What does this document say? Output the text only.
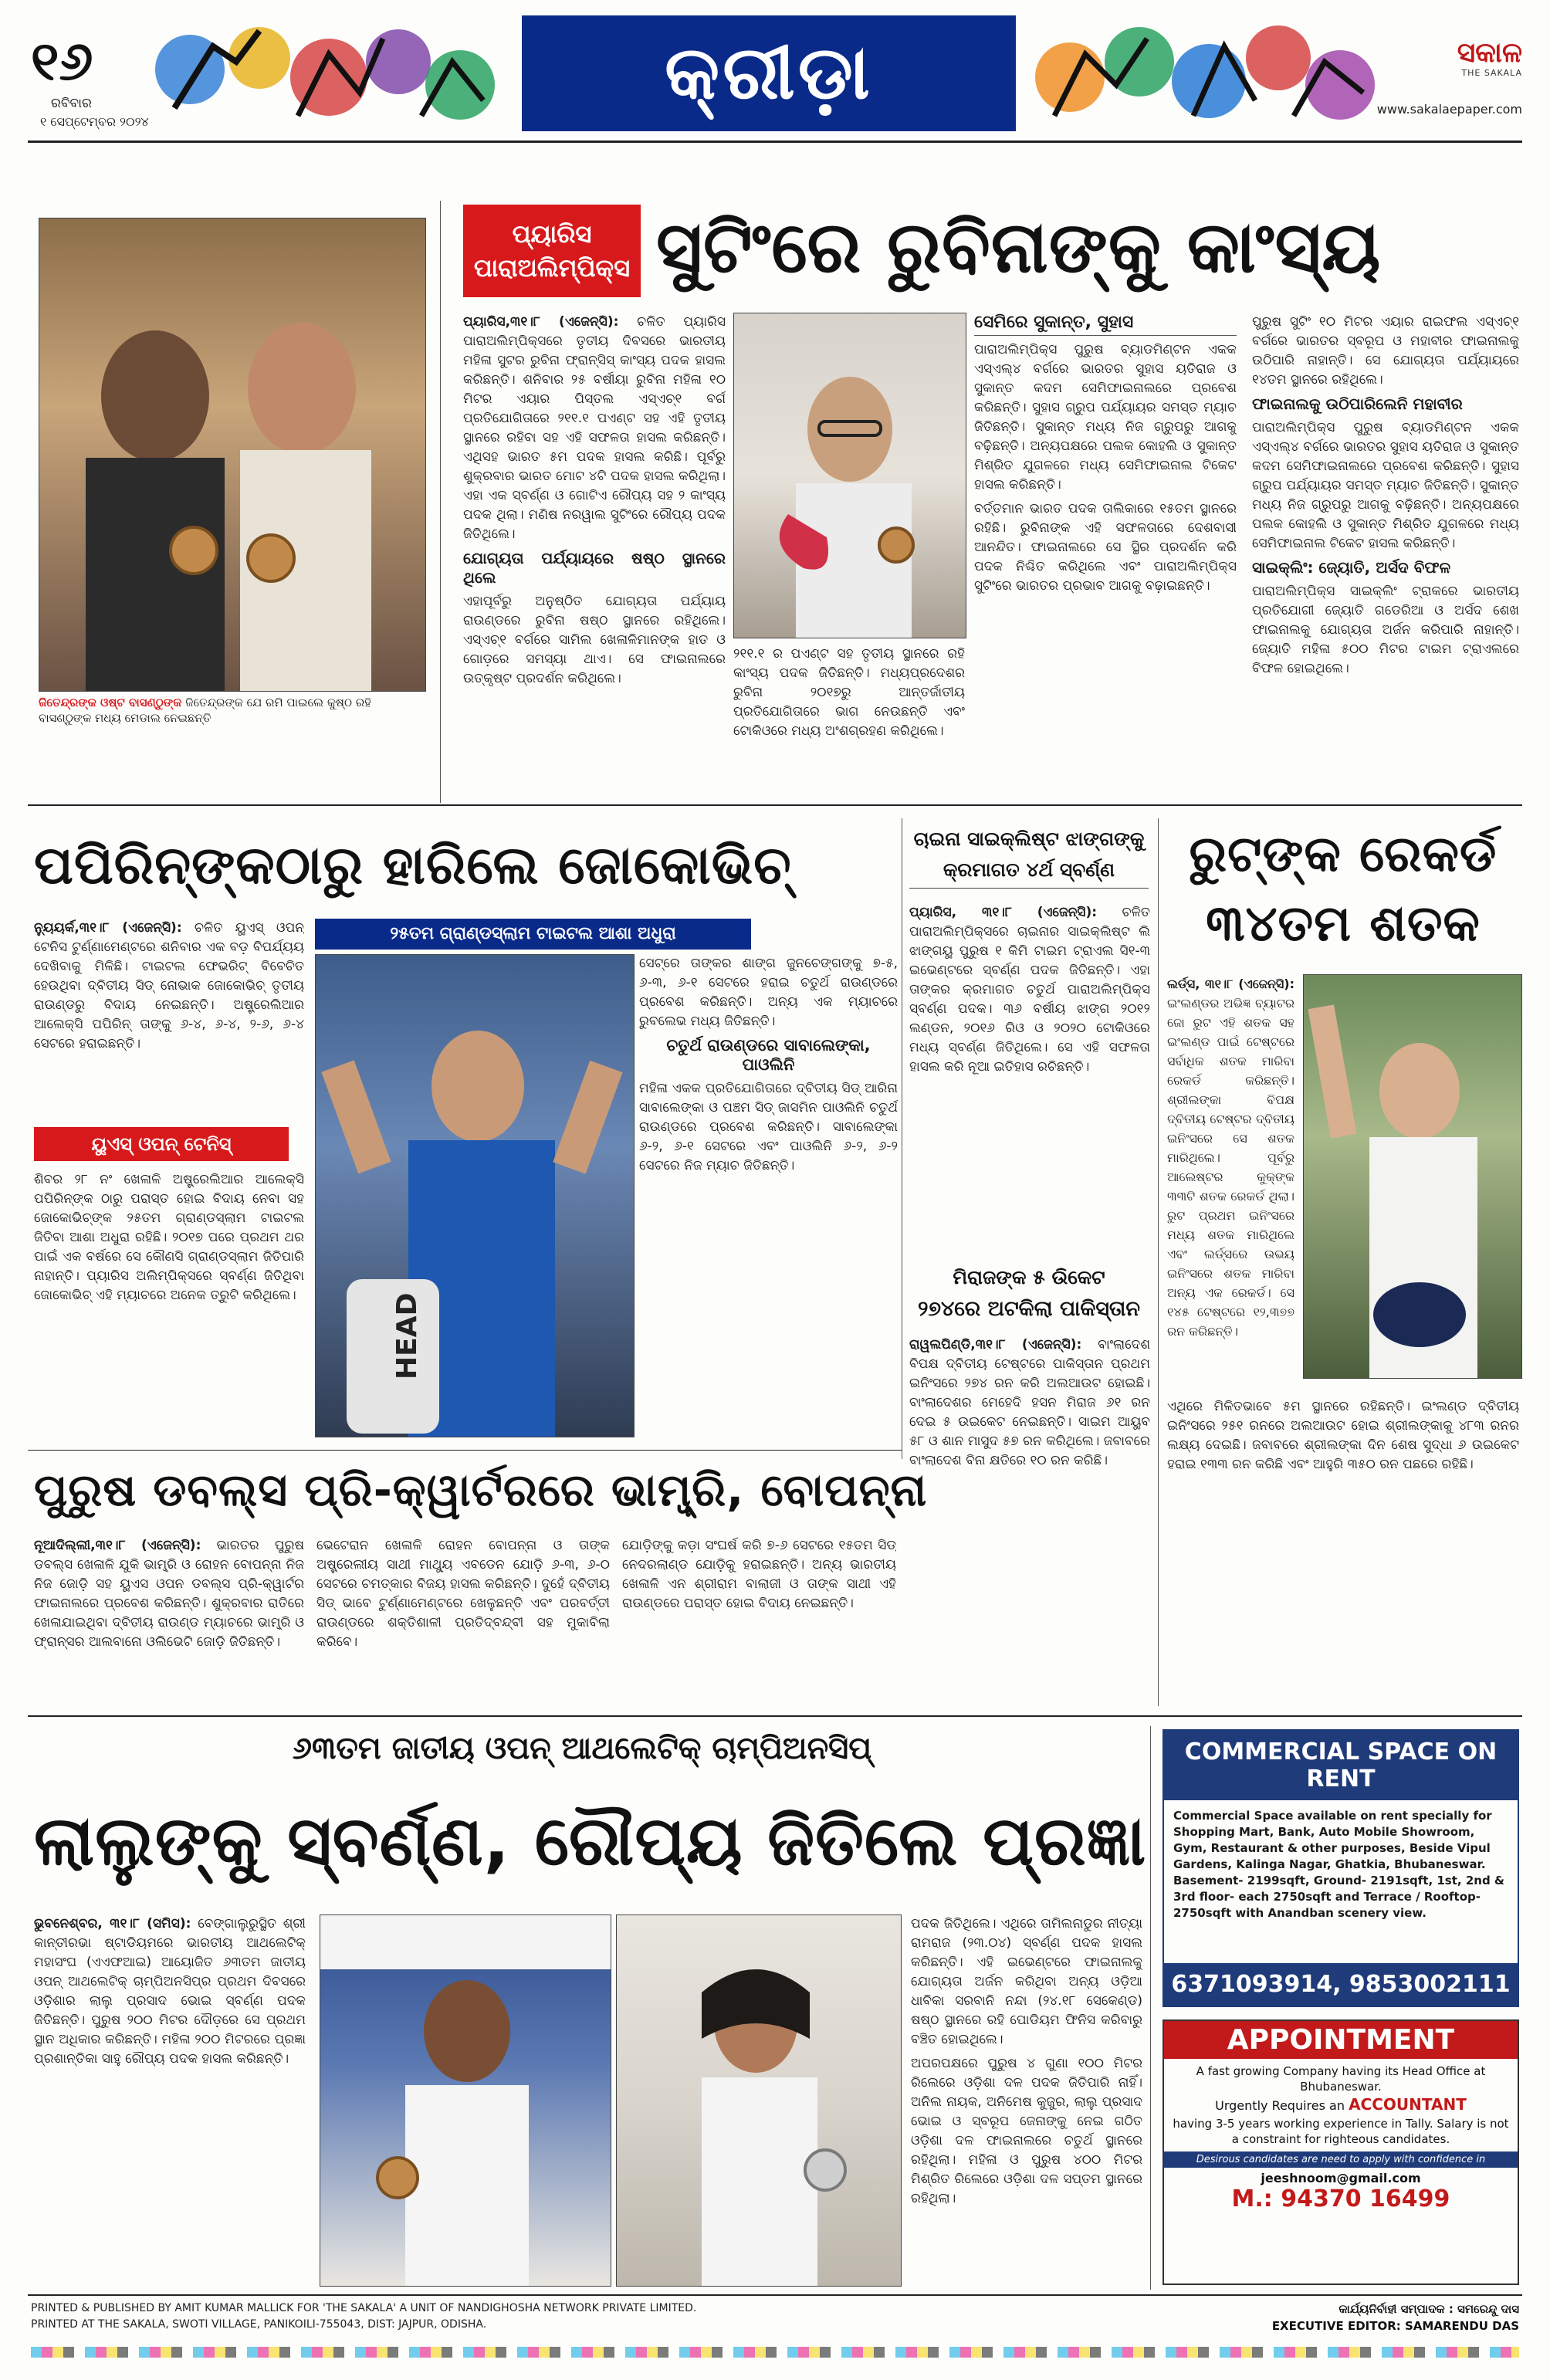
୧୬
ରବିବାର
୧ ସେପ୍ଟେମ୍ବର ୨୦୨୪
କ୍ରୀଡ଼ା	ସକାଳ
THE SAKALA
www.sakalaepaper.com
ଜିତେନ୍ଦ୍ରଙ୍କ ଓଷ୍ଟ ବାସଣ୍ଠୁଙ୍କ ଜିତେନ୍ଦ୍ରଙ୍କ ଯେ ରମି ପାଇଲେ କୁଷ୍ଠ ରହି ବାସଣ୍ଠୁଙ୍କ ମଧ୍ୟ ମେଡାଲ ନେଇଛନ୍ତି
ପ୍ୟାରିସ
ପାରାଅଲିମ୍ପିକ୍ସ ସୁଟିଂରେ ରୁବିନାଙ୍କୁ କାଂସ୍ୟ

ପ୍ୟାରିସ,୩୧।୮ (ଏଜେନ୍ସି): ଚଳିତ ପ୍ୟାରିସ ପାରାଅଲିମ୍ପିକ୍ସରେ ତୃତୀୟ ଦିବସରେ ଭାରତୀୟ ମହିଳା ସୁଟର ରୁବିନା ଫ୍ରାନ୍ସିସ୍ କାଂସ୍ୟ ପଦକ ହାସଲ କରିଛନ୍ତି। ଶନିବାର ୨୫ ବର୍ଷୀୟା ରୁବିନା ମହିଳା ୧୦ ମିଟର ଏୟାର ପିସ୍ତଲ ଏସ୍ଏଚ୍୧ ବର୍ଗ ପ୍ରତିଯୋଗିତାରେ ୨୧୧.୧ ପଏଣ୍ଟ ସହ ଏହି ତୃତୀୟ ସ୍ଥାନରେ ରହିବା ସହ ଏହି ସଫଳତା ହାସଲ କରିଛନ୍ତି। ଏଥିସହ ଭାରତ ୫ମ ପଦକ ହାସଲ କରିଛି। ପୂର୍ବରୁ ଶୁକ୍ରବାର ଭାରତ ମୋଟ ୪ଟି ପଦକ ହାସଲ କରିଥିଲା। ଏହା ଏକ ସ୍ବର୍ଣ୍ଣ ଓ ଗୋଟିଏ ରୌପ୍ୟ ସହ ୨ କାଂସ୍ୟ ପଦକ ଥିଲା। ମଣିଷ ନରୱାଲ ସୁଟିଂରେ ରୌପ୍ୟ ପଦକ ଜିତିଥିଲେ।

ଯୋଗ୍ୟତା ପର୍ଯ୍ୟାୟରେ ଷଷ୍ଠ ସ୍ଥାନରେ ଥିଲେ

ଏହାପୂର୍ବରୁ ଅନୁଷ୍ଠିତ ଯୋଗ୍ୟତା ପର୍ଯ୍ୟାୟ ରାଉଣ୍ଡରେ ରୁବିନା ଷଷ୍ଠ ସ୍ଥାନରେ ରହିଥିଲେ। ଏସ୍ଏଚ୍୧ ବର୍ଗରେ ସାମିଲ ଖେଳାଳିମାନଙ୍କ ହାତ ଓ ଗୋଡ଼ରେ ସମସ୍ୟା ଥାଏ। ସେ ଫାଇନାଲରେ ଉତ୍କୃଷ୍ଟ ପ୍ରଦର୍ଶନ କରିଥିଲେ।

୨୧୧.୧ ର ପଏଣ୍ଟ ସହ ତୃତୀୟ ସ୍ଥାନରେ ରହି କାଂସ୍ୟ ପଦକ ଜିତିଛନ୍ତି। ମଧ୍ୟପ୍ରଦେଶର ରୁବିନା ୨୦୧୭ରୁ ଆନ୍ତର୍ଜାତୀୟ ପ୍ରତିଯୋଗିତାରେ ଭାଗ ନେଉଛନ୍ତି ଏବଂ ଟୋକିଓରେ ମଧ୍ୟ ଅଂଶଗ୍ରହଣ କରିଥିଲେ।

ସେମିରେ ସୁକାନ୍ତ, ସୁହାସ

ପାରାଅଲିମ୍ପିକ୍ସ ପୁରୁଷ ବ୍ୟାଡମିଣ୍ଟନ ଏକକ ଏସ୍ଏଲ୍୪ ବର୍ଗରେ ଭାରତର ସୁହାସ ୟତିରାଜ ଓ ସୁକାନ୍ତ କଦମ ସେମିଫାଇନାଲରେ ପ୍ରବେଶ କରିଛନ୍ତି। ସୁହାସ ଗ୍ରୁପ ପର୍ଯ୍ୟାୟର ସମସ୍ତ ମ୍ୟାଚ ଜିତିଛନ୍ତି। ସୁକାନ୍ତ ମଧ୍ୟ ନିଜ ଗ୍ରୁପରୁ ଆଗକୁ ବଢ଼ିଛନ୍ତି। ଅନ୍ୟପକ୍ଷରେ ପଲକ କୋହଲି ଓ ସୁକାନ୍ତ ମିଶ୍ରିତ ଯୁଗଳରେ ମଧ୍ୟ ସେମିଫାଇନାଲ ଟିକେଟ ହାସଲ କରିଛନ୍ତି।

ବର୍ତ୍ତମାନ ଭାରତ ପଦକ ତାଲିକାରେ ୧୫ତମ ସ୍ଥାନରେ ରହିଛି। ରୁବିନାଙ୍କ ଏହି ସଫଳତାରେ ଦେଶବାସୀ ଆନନ୍ଦିତ। ଫାଇନାଲରେ ସେ ସ୍ଥିର ପ୍ରଦର୍ଶନ କରି ପଦକ ନିଶ୍ଚିତ କରିଥିଲେ ଏବଂ ପାରାଅଲିମ୍ପିକ୍ସ ସୁଟିଂରେ ଭାରତର ପ୍ରଭାବ ଆଗକୁ ବଢ଼ାଇଛନ୍ତି।

ପୁରୁଷ ସୁଟିଂ ୧୦ ମିଟର ଏୟାର ରାଇଫଲ ଏସ୍ଏଚ୍୧ ବର୍ଗରେ ଭାରତର ସ୍ବରୂପ ଓ ମହାବୀର ଫାଇନାଲକୁ ଉଠିପାରି ନାହାନ୍ତି। ସେ ଯୋଗ୍ୟତା ପର୍ଯ୍ୟାୟରେ ୧୪ତମ ସ୍ଥାନରେ ରହିଥିଲେ।

ଫାଇନାଲକୁ ଉଠିପାରିଲେନି ମହାବୀର

ପାରାଅଲିମ୍ପିକ୍ସ ପୁରୁଷ ବ୍ୟାଡମିଣ୍ଟନ ଏକକ ଏସ୍ଏଲ୍୪ ବର୍ଗରେ ଭାରତର ସୁହାସ ୟତିରାଜ ଓ ସୁକାନ୍ତ କଦମ ସେମିଫାଇନାଲରେ ପ୍ରବେଶ କରିଛନ୍ତି। ସୁହାସ ଗ୍ରୁପ ପର୍ଯ୍ୟାୟର ସମସ୍ତ ମ୍ୟାଚ ଜିତିଛନ୍ତି। ସୁକାନ୍ତ ମଧ୍ୟ ନିଜ ଗ୍ରୁପରୁ ଆଗକୁ ବଢ଼ିଛନ୍ତି। ଅନ୍ୟପକ୍ଷରେ ପଲକ କୋହଲି ଓ ସୁକାନ୍ତ ମିଶ୍ରିତ ଯୁଗଳରେ ମଧ୍ୟ ସେମିଫାଇନାଲ ଟିକେଟ ହାସଲ କରିଛନ୍ତି।

ସାଇକ୍ଲିଂ: ଜ୍ୟୋତି, ଅର୍ସଦ ବିଫଳ

ପାରାଅଲିମ୍ପିକ୍ସ ସାଇକ୍ଲିଂ ଟ୍ରାକରେ ଭାରତୀୟ ପ୍ରତିଯୋଗୀ ଜ୍ୟୋତି ଗଡେରିଆ ଓ ଅର୍ସଦ ଶେଖ ଫାଇନାଲକୁ ଯୋଗ୍ୟତା ଅର୍ଜନ କରିପାରି ନାହାନ୍ତି। ଜ୍ୟୋତି ମହିଳା ୫୦୦ ମିଟର ଟାଇମ ଟ୍ରାଏଲରେ ବିଫଳ ହୋଇଥିଲେ।

ପପିରିନ୍‌ଙ୍କଠାରୁ ହାରିଲେ ଜୋକୋଭିଚ୍
୨୫ତମ ଗ୍ରାଣ୍ଡସ୍ଲାମ ଟାଇଟଲ ଆଶା ଅଧୁରା

ନ୍ୟୁୟର୍କ,୩୧।୮ (ଏଜେନ୍ସି): ଚଳିତ ୟୁଏସ୍ ଓପନ୍ ଟେନିସ ଟୁର୍ଣ୍ଣାମେଣ୍ଟରେ ଶନିବାର ଏକ ବଡ଼ ବିପର୍ଯ୍ୟୟ ଦେଖିବାକୁ ମିଳିଛି। ଟାଇଟଲ ଫେଭରିଟ୍ ବିବେଚିତ ହେଉଥିବା ଦ୍ବିତୀୟ ସିଡ୍ ନୋଭାକ ଜୋକୋଭିଚ୍ ତୃତୀୟ ରାଉଣ୍ଡରୁ ବିଦାୟ ନେଇଛନ୍ତି। ଅଷ୍ଟ୍ରେଲିଆର ଆଲେକ୍ସି ପପିରିନ୍ ତାଙ୍କୁ ୬-୪, ୬-୪, ୨-୬, ୬-୪ ସେଟରେ ହରାଇଛନ୍ତି।

ୟୁଏସ୍ ଓପନ୍ ଟେନିସ୍

ଶିବର ୨୮ ନଂ ଖେଳାଳି ଅଷ୍ଟ୍ରେଲିଆର ଆଲେକ୍ସି ପପିରିନ୍‌ଙ୍କ ଠାରୁ ପରାସ୍ତ ହୋଇ ବିଦାୟ ନେବା ସହ ଜୋକୋଭିଚ୍‌ଙ୍କ ୨୫ତମ ଗ୍ରାଣ୍ଡସ୍ଲାମ ଟାଇଟଲ ଜିତିବା ଆଶା ଅଧୁରା ରହିଛି। ୨୦୧୭ ପରେ ପ୍ରଥମ ଥର ପାଇଁ ଏକ ବର୍ଷରେ ସେ କୌଣସି ଗ୍ରାଣ୍ଡସ୍ଲାମ ଜିତିପାରି ନାହାନ୍ତି। ପ୍ୟାରିସ ଅଲିମ୍ପିକ୍ସରେ ସ୍ବର୍ଣ୍ଣ ଜିତିଥିବା ଜୋକୋଭିଚ୍ ଏହି ମ୍ୟାଚରେ ଅନେକ ତ୍ରୁଟି କରିଥିଲେ।	HEAD

ସେଟ୍‌ରେ ତାଙ୍କର ଶାଙ୍ଗ ଜୁନଚେଙ୍ଗଙ୍କୁ ୭-୫, ୬-୩, ୬-୧ ସେଟରେ ହରାଇ ଚତୁର୍ଥ ରାଉଣ୍ଡରେ ପ୍ରବେଶ କରିଛନ୍ତି। ଅନ୍ୟ ଏକ ମ୍ୟାଚରେ ରୁବଲେଭ ମଧ୍ୟ ଜିତିଛନ୍ତି।

ଚତୁର୍ଥ ରାଉଣ୍ଡରେ ସାବାଲେଙ୍କା, ପାଓଲିନି

ମହିଳା ଏକକ ପ୍ରତିଯୋଗିତାରେ ଦ୍ବିତୀୟ ସିଡ୍ ଆରିନା ସାବାଲେଙ୍କା ଓ ପଞ୍ଚମ ସିଡ୍ ଜାସମିନ ପାଓଲିନି ଚତୁର୍ଥ ରାଉଣ୍ଡରେ ପ୍ରବେଶ କରିଛନ୍ତି। ସାବାଲେଙ୍କା ୬-୨, ୬-୧ ସେଟରେ ଏବଂ ପାଓଲିନି ୬-୨, ୬-୨ ସେଟରେ ନିଜ ମ୍ୟାଚ ଜିତିଛନ୍ତି।

ଚାଇନା ସାଇକ୍ଲିଷ୍ଟ ଝାଙ୍ଗଙ୍କୁ
କ୍ରମାଗତ ୪ର୍ଥ ସ୍ବର୍ଣ୍ଣ

ପ୍ୟାରିସ, ୩୧।୮ (ଏଜେନ୍ସି): ଚଳିତ ପାରାଅଲିମ୍ପିକ୍ସରେ ଚାଇନାର ସାଇକ୍ଲିଷ୍ଟ ଲି ଝାଙ୍ଗୟୁ ପୁରୁଷ ୧ କିମି ଟାଇମ ଟ୍ରାଏଲ ସି୧-୩ ଇଭେଣ୍ଟରେ ସ୍ବର୍ଣ୍ଣ ପଦକ ଜିତିଛନ୍ତି। ଏହା ତାଙ୍କର କ୍ରମାଗତ ଚତୁର୍ଥ ପାରାଅଲିମ୍ପିକ୍ସ ସ୍ବର୍ଣ୍ଣ ପଦକ। ୩୬ ବର୍ଷୀୟ ଝାଙ୍ଗ ୨୦୧୨ ଲଣ୍ଡନ, ୨୦୧୬ ରିଓ ଓ ୨୦୨୦ ଟୋକିଓରେ ମଧ୍ୟ ସ୍ବର୍ଣ୍ଣ ଜିତିଥିଲେ। ସେ ଏହି ସଫଳତା ହାସଲ କରି ନୂଆ ଇତିହାସ ରଚିଛନ୍ତି।

ମିରାଜଙ୍କ ୫ ଉିକେଟ
୨୭୪ରେ ଅଟକିଲା ପାକିସ୍ତାନ

ରାୱଲପିଣ୍ଡି,୩୧।୮ (ଏଜେନ୍ସି): ବାଂଲାଦେଶ ବିପକ୍ଷ ଦ୍ବିତୀୟ ଟେଷ୍ଟରେ ପାକିସ୍ତାନ ପ୍ରଥମ ଇନିଂସରେ ୨୭୪ ରନ କରି ଅଲଆଉଟ ହୋଇଛି। ବାଂଲାଦେଶର ମେହେଦି ହସନ ମିରାଜ ୬୧ ରନ ଦେଇ ୫ ଉଇକେଟ ନେଇଛନ୍ତି। ସାଇମ ଆୟୁବ ୫୮ ଓ ଶାନ ମାସୁଦ ୫୭ ରନ କରିଥିଲେ। ଜବାବରେ ବାଂଲାଦେଶ ବିନା କ୍ଷତିରେ ୧୦ ରନ କରିଛି।

ରୁଟ୍‌ଙ୍କ ରେକର୍ଡ
୩୪ତମ ଶତକ

ଲର୍ଡ୍ସ, ୩୧।୮ (ଏଜେନ୍ସି): ଇଂଲଣ୍ଡର ଅଭିଜ୍ଞ ବ୍ୟାଟର ଜୋ ରୁଟ ଏହି ଶତକ ସହ ଇଂଲଣ୍ଡ ପାଇଁ ଟେଷ୍ଟରେ ସର୍ବାଧିକ ଶତକ ମାରିବା ରେକର୍ଡ କରିଛନ୍ତି। ଶ୍ରୀଲଙ୍କା ବିପକ୍ଷ ଦ୍ବିତୀୟ ଟେଷ୍ଟର ଦ୍ବିତୀୟ ଇନିଂସରେ ସେ ଶତକ ମାରିଥିଲେ। ପୂର୍ବରୁ ଆଲେଷ୍ଟର କୁକ୍‌ଙ୍କ ୩୩ଟି ଶତକ ରେକର୍ଡ ଥିଲା। ରୁଟ ପ୍ରଥମ ଇନିଂସରେ ମଧ୍ୟ ଶତକ ମାରିଥିଲେ ଏବଂ ଲର୍ଡ୍ସରେ ଉଭୟ ଇନିଂସରେ ଶତକ ମାରିବା ଅନ୍ୟ ଏକ ରେକର୍ଡ। ସେ ୧୪୫ ଟେଷ୍ଟରେ ୧୨,୩୭୭ ରନ କରିଛନ୍ତି।

ଏଥିରେ ମିଳିତଭାବେ ୫ମ ସ୍ଥାନରେ ରହିଛନ୍ତି। ଇଂଲଣ୍ଡ ଦ୍ବିତୀୟ ଇନିଂସରେ ୨୫୧ ରନରେ ଅଲଆଉଟ ହୋଇ ଶ୍ରୀଲଙ୍କାକୁ ୪୮୩ ରନର ଲକ୍ଷ୍ୟ ଦେଇଛି। ଜବାବରେ ଶ୍ରୀଲଙ୍କା ଦିନ ଶେଷ ସୁଦ୍ଧା ୬ ଉଇକେଟ ହରାଇ ୧୩୩ ରନ କରିଛି ଏବଂ ଆହୁରି ୩୫୦ ରନ ପଛରେ ରହିଛି।

ପୁରୁଷ ଡବଲ୍ସ ପ୍ରି-କ୍ୱାର୍ଟରରେ ଭାମ୍ବ୍ରି, ବୋପନ୍ନା

ନୂଆଦିଲ୍ଲୀ,୩୧।୮ (ଏଜେନ୍ସି): ଭାରତର ପୁରୁଷ ଡବଲ୍ସ ଖେଳାଳି ଯୁକି ଭାମ୍ବ୍ରି ଓ ରୋହନ ବୋପନ୍ନା ନିଜ ନିଜ ଜୋଡ଼ି ସହ ୟୁଏସ ଓପନ ଡବଲ୍ସ ପ୍ରି-କ୍ୱାର୍ଟର ଫାଇନାଲରେ ପ୍ରବେଶ କରିଛନ୍ତି। ଶୁକ୍ରବାର ରାତିରେ ଖେଳାଯାଇଥିବା ଦ୍ବିତୀୟ ରାଉଣ୍ଡ ମ୍ୟାଚରେ ଭାମ୍ବ୍ରି ଓ ଫ୍ରାନ୍ସର ଆଲବାନୋ ଓଲିଭେଟି ଜୋଡ଼ି ଜିତିଛନ୍ତି।

ଭେଟେରାନ ଖେଳାଳି ରୋହନ ବୋପନ୍ନା ଓ ତାଙ୍କ ଅଷ୍ଟ୍ରେଲୀୟ ସାଥୀ ମାଥ୍ୟୁ ଏବଡେନ ଯୋଡ଼ି ୬-୩, ୬-୦ ସେଟରେ ଚମତ୍କାର ବିଜୟ ହାସଲ କରିଛନ୍ତି। ଦୁହେଁ ଦ୍ବିତୀୟ ସିଡ୍ ଭାବେ ଟୁର୍ଣ୍ଣାମେଣ୍ଟରେ ଖେଳୁଛନ୍ତି ଏବଂ ପରବର୍ତ୍ତୀ ରାଉଣ୍ଡରେ ଶକ୍ତିଶାଳୀ ପ୍ରତିଦ୍ବନ୍ଦ୍ବୀ ସହ ମୁକାବିଲା କରିବେ।

ଯୋଡ଼ିଙ୍କୁ କଡ଼ା ସଂଘର୍ଷ କରି ୭-୬ ସେଟରେ ୧୫ତମ ସିଡ୍ ନେଦରଲାଣ୍ଡ ଯୋଡ଼ିକୁ ହରାଇଛନ୍ତି। ଅନ୍ୟ ଭାରତୀୟ ଖେଳାଳି ଏନ ଶ୍ରୀରାମ ବାଲାଜୀ ଓ ତାଙ୍କ ସାଥୀ ଏହି ରାଉଣ୍ଡରେ ପରାସ୍ତ ହୋଇ ବିଦାୟ ନେଇଛନ୍ତି।

୬୩ତମ ଜାତୀୟ ଓପନ୍ ଆଥଲେଟିକ୍ ଚାମ୍ପିଅନସିପ୍
ଲାଲୁଙ୍କୁ ସ୍ବର୍ଣ୍ଣ, ରୌପ୍ୟ ଜିତିଲେ ପ୍ରଜ୍ଞା

ଭୁବନେଶ୍ବର, ୩୧।୮ (ସମିସ): ବେଙ୍ଗାଲୁରୁସ୍ଥିତ ଶ୍ରୀ କାନ୍ତୀରଭା ଷ୍ଟାଡିୟମରେ ଭାରତୀୟ ଆଥଲେଟିକ୍ ମହାସଂଘ (ଏଏଫଆଇ) ଆୟୋଜିତ ୬୩ତମ ଜାତୀୟ ଓପନ୍ ଆଥଲେଟିକ୍ ଚାମ୍ପିଅନସିପ୍‌ର ପ୍ରଥମ ଦିବସରେ ଓଡ଼ିଶାର ଲାଲୁ ପ୍ରସାଦ ଭୋଇ ସ୍ବର୍ଣ୍ଣ ପଦକ ଜିତିଛନ୍ତି। ପୁରୁଷ ୨୦୦ ମିଟର ଦୌଡ଼ରେ ସେ ପ୍ରଥମ ସ୍ଥାନ ଅଧିକାର କରିଛନ୍ତି। ମହିଳା ୨୦୦ ମିଟରରେ ପ୍ରଜ୍ଞା ପ୍ରଶାନ୍ତିକା ସାହୁ ରୌପ୍ୟ ପଦକ ହାସଲ କରିଛନ୍ତି।

ପଦକ ଜିତିଥିଲେ। ଏଥିରେ ତାମିଲନାଡୁର ନୀତ୍ୟା ରାମରାଜ (୨୩.୦୪) ସ୍ବର୍ଣ୍ଣ ପଦକ ହାସଲ କରିଛନ୍ତି। ଏହି ଇଭେଣ୍ଟରେ ଫାଇନାଲକୁ ଯୋଗ୍ୟତା ଅର୍ଜନ କରିଥିବା ଅନ୍ୟ ଓଡ଼ିଆ ଧାବିକା ସରବାନି ନନ୍ଦା (୨୪.୧୮ ସେକେଣ୍ଡ) ଷଷ୍ଠ ସ୍ଥାନରେ ରହି ପୋଡିୟମ ଫିନିସ କରିବାରୁ ବଞ୍ଚିତ ହୋଇଥିଲେ।

ଅପରପକ୍ଷରେ ପୁରୁଷ ୪ ଗୁଣା ୧୦୦ ମିଟର ରିଲେରେ ଓଡ଼ିଶା ଦଳ ପଦକ ଜିତିପାରି ନାହିଁ। ଅନିଲ ନାୟକ, ଅନିମେଷ କୁଜୁର, ଲାଲୁ ପ୍ରସାଦ ଭୋଇ ଓ ସ୍ବରୂପ ଜେନାଙ୍କୁ ନେଇ ଗଠିତ ଓଡ଼ିଶା ଦଳ ଫାଇନାଲରେ ଚତୁର୍ଥ ସ୍ଥାନରେ ରହିଥିଲା। ମହିଳା ଓ ପୁରୁଷ ୪୦୦ ମିଟର ମିଶ୍ରିତ ରିଲେରେ ଓଡ଼ିଶା ଦଳ ସପ୍ତମ ସ୍ଥାନରେ ରହିଥିଲା।

COMMERCIAL SPACE ON RENT
Commercial Space available on rent specially for Shopping Mart, Bank, Auto Mobile Showroom, Gym, Restaurant & other purposes, Beside Vipul Gardens, Kalinga Nagar, Ghatkia, Bhubaneswar. Basement- 2199sqft, Ground- 2191sqft, 1st, 2nd & 3rd floor- each 2750sqft and Terrace / Rooftop- 2750sqft with Anandban scenery view.
6371093914, 9853002111
APPOINTMENT
A fast growing Company having its Head Office at Bhubaneswar.
Urgently Requires an ACCOUNTANT
having 3-5 years working experience in Tally. Salary is not a constraint for righteous candidates.
Desirous candidates are need to apply with confidence in
jeeshnoom@gmail.com
M.: 94370 16499
PRINTED & PUBLISHED BY AMIT KUMAR MALLICK FOR 'THE SAKALA' A UNIT OF NANDIGHOSHA NETWORK PRIVATE LIMITED.
PRINTED AT THE SAKALA, SWOTI VILLAGE, PANIKOILI-755043, DIST: JAJPUR, ODISHA.
କାର୍ଯ୍ୟନିର୍ବାହୀ ସମ୍ପାଦକ : ସମରେନ୍ଦୁ ଦାସ
EXECUTIVE EDITOR: SAMARENDU DAS
